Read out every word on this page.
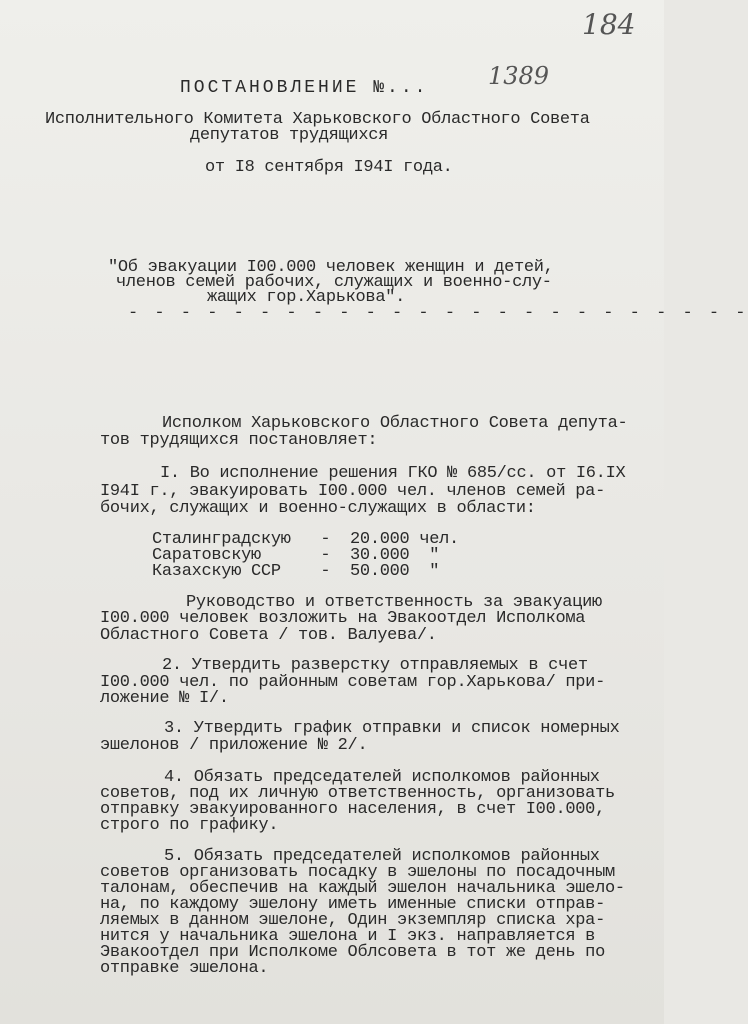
184
ПОСТАНОВЛЕНИЕ №... 1389
Исполнительного Комитета Харьковского Областного Совета
депутатов трудящихся
от I8 сентября I94I года.
"Об эвакуации I00.000 человек женщин и детей,
членов семей рабочих, служащих и военно-слу-
жащих гор.Харькова".
- - - - - - - - - - - - - - - - - - - - - - - -
Исполком Харьковского Областного Совета депута-
тов трудящихся постановляет:
I. Во исполнение решения ГКО № 685/сс. от I6.IX
I94I г., эвакуировать I00.000 чел. членов семей ра-
бочих, служащих и военно-служащих в области:
Сталинградскую   -  20.000 чел.
Саратовскую      -  30.000  "
Казахскую ССР    -  50.000  "
Руководство и ответственность за эвакуацию
I00.000 человек возложить на Эвакоотдел Исполкома
Областного Совета / тов. Валуева/.
2. Утвердить разверстку отправляемых в счет
I00.000 чел. по районным советам гор.Харькова/ при-
ложение № I/.
3. Утвердить график отправки и список номерных
эшелонов / приложение № 2/.
4. Обязать председателей исполкомов районных
советов, под их личную ответственность, организовать
отправку эвакуированного населения, в счет I00.000,
строго по графику.
5. Обязать председателей исполкомов районных
советов организовать посадку в эшелоны по посадочным
талонам, обеспечив на каждый эшелон начальника эшело-
на, по каждому эшелону иметь именные списки отправ-
ляемых в данном эшелоне, Один экземпляр списка хра-
нится у начальника эшелона и I экз. направляется в
Эвакоотдел при Исполкоме Облсовета в тот же день по
отправке эшелона.
